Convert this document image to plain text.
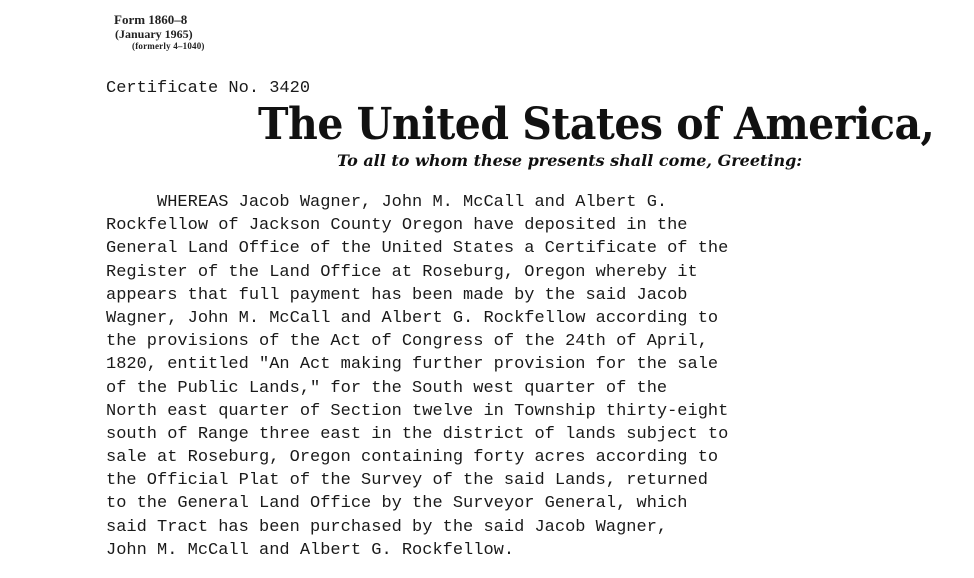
Form 1860–8
(January 1965)
(formerly 4–1040)
Certificate No. 3420
The United States of America,
To all to whom these presents shall come, Greeting:
WHEREAS Jacob Wagner, John M. McCall and Albert G.
Rockfellow of Jackson County Oregon have deposited in the
General Land Office of the United States a Certificate of the
Register of the Land Office at Roseburg, Oregon whereby it
appears that full payment has been made by the said Jacob
Wagner, John M. McCall and Albert G. Rockfellow according to
the provisions of the Act of Congress of the 24th of April,
1820, entitled "An Act making further provision for the sale
of the Public Lands," for the South west quarter of the
North east quarter of Section twelve in Township thirty-eight
south of Range three east in the district of lands subject to
sale at Roseburg, Oregon containing forty acres according to
the Official Plat of the Survey of the said Lands, returned
to the General Land Office by the Surveyor General, which
said Tract has been purchased by the said Jacob Wagner,
John M. McCall and Albert G. Rockfellow.
